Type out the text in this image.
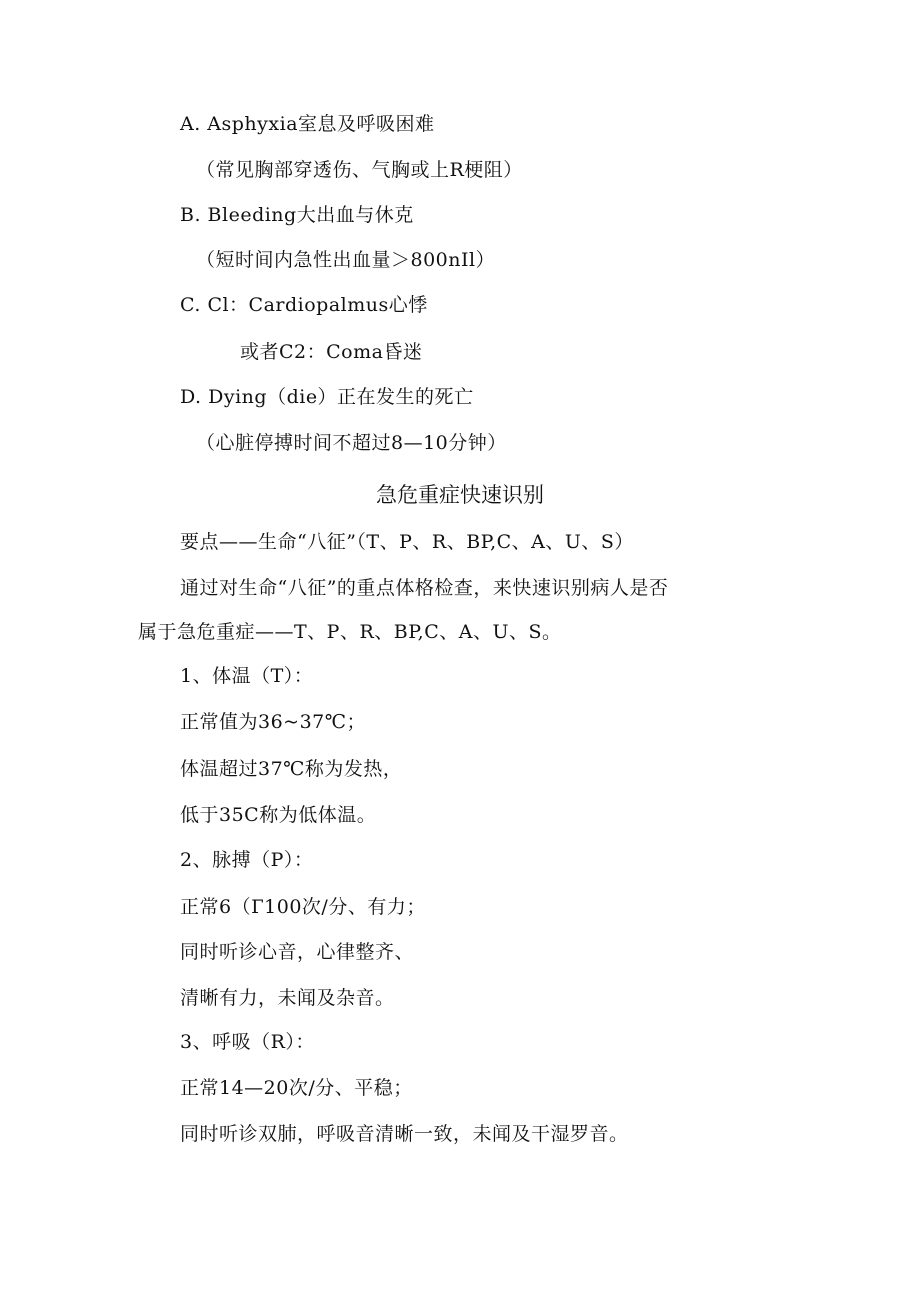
A. Asphyxia室息及呼吸困难
（常见胸部穿透伤、气胸或上R梗阻）
B. Bleeding大出血与休克
（短时间内急性出血量＞800nIl）
C. Cl：Cardiopalmus心悸
或者C2：Coma昏迷
D. Dying（die）正在发生的死亡
（心脏停搏时间不超过8—10分钟）
急危重症快速识别
要点——生命“八征”（T、P、R、BP,C、A、U、S）
通过对生命“八征”的重点体格检查，来快速识别病人是否
属于急危重症——T、P、R、BP,C、A、U、S。
1、体温（T）：
正常值为36~37℃；
体温超过37℃称为发热，
低于35C称为低体温。
2、脉搏（P）：
正常6（Г100次/分、有力；
同时听诊心音，心律整齐、
清晰有力，未闻及杂音。
3、呼吸（R）：
正常14—20次/分、平稳；
同时听诊双肺，呼吸音清晰一致，未闻及干湿罗音。
